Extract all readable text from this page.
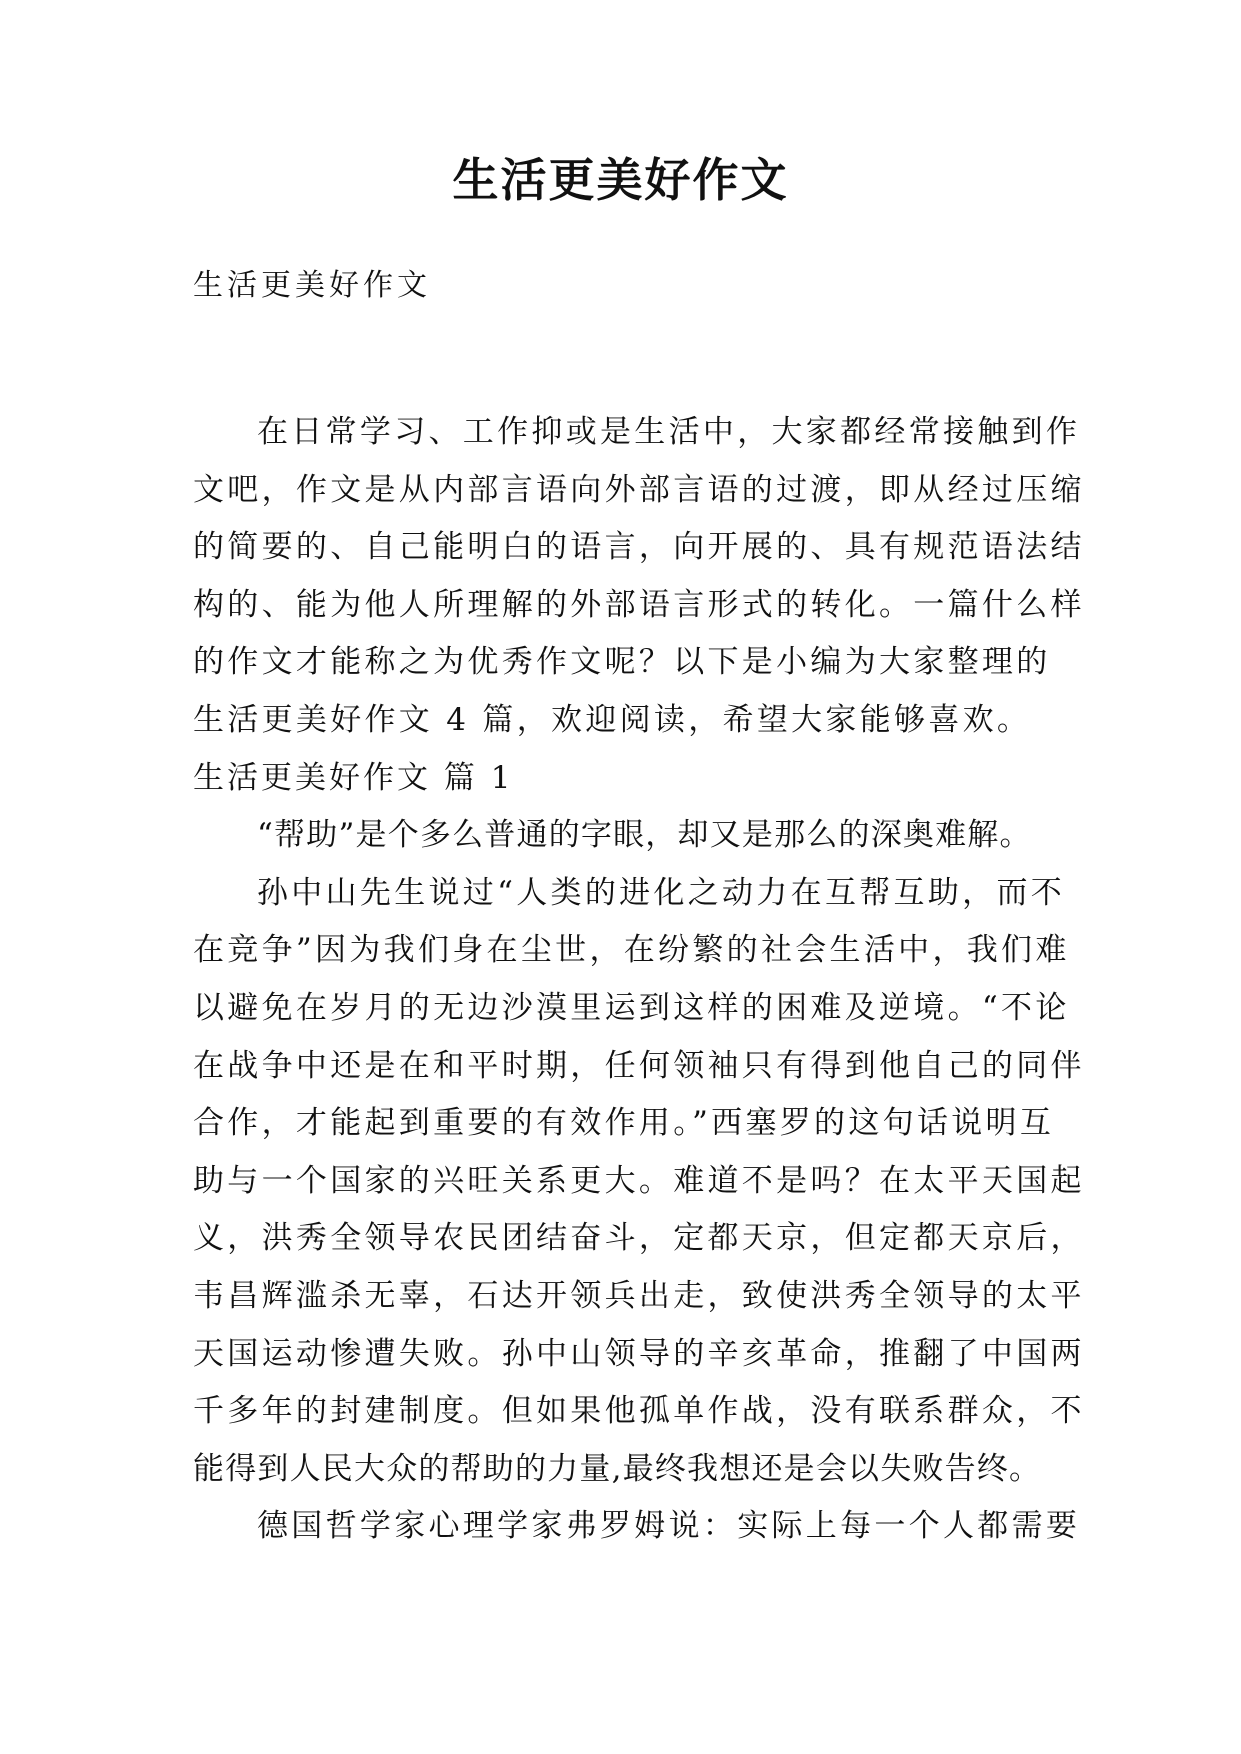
生活更美好作文
生活更美好作文
在日常学习、工作抑或是生活中，大家都经常接触到作
文吧，作文是从内部言语向外部言语的过渡，即从经过压缩
的简要的、自己能明白的语言，向开展的、具有规范语法结
构的、能为他人所理解的外部语言形式的转化。一篇什么样
的作文才能称之为优秀作文呢？以下是小编为大家整理的
生活更美好作文 4 篇，欢迎阅读，希望大家能够喜欢。
生活更美好作文 篇 1
“帮助”是个多么普通的字眼，却又是那么的深奥难解。
孙中山先生说过“人类的进化之动力在互帮互助，而不
在竞争”因为我们身在尘世，在纷繁的社会生活中，我们难
以避免在岁月的无边沙漠里运到这样的困难及逆境。“不论
在战争中还是在和平时期，任何领袖只有得到他自己的同伴
合作，才能起到重要的有效作用。”西塞罗的这句话说明互
助与一个国家的兴旺关系更大。难道不是吗？在太平天国起
义，洪秀全领导农民团结奋斗，定都天京，但定都天京后，
韦昌辉滥杀无辜，石达开领兵出走，致使洪秀全领导的太平
天国运动惨遭失败。孙中山领导的辛亥革命，推翻了中国两
千多年的封建制度。但如果他孤单作战，没有联系群众，不
能得到人民大众的帮助的力量,最终我想还是会以失败告终。
德国哲学家心理学家弗罗姆说：实际上每一个人都需要
